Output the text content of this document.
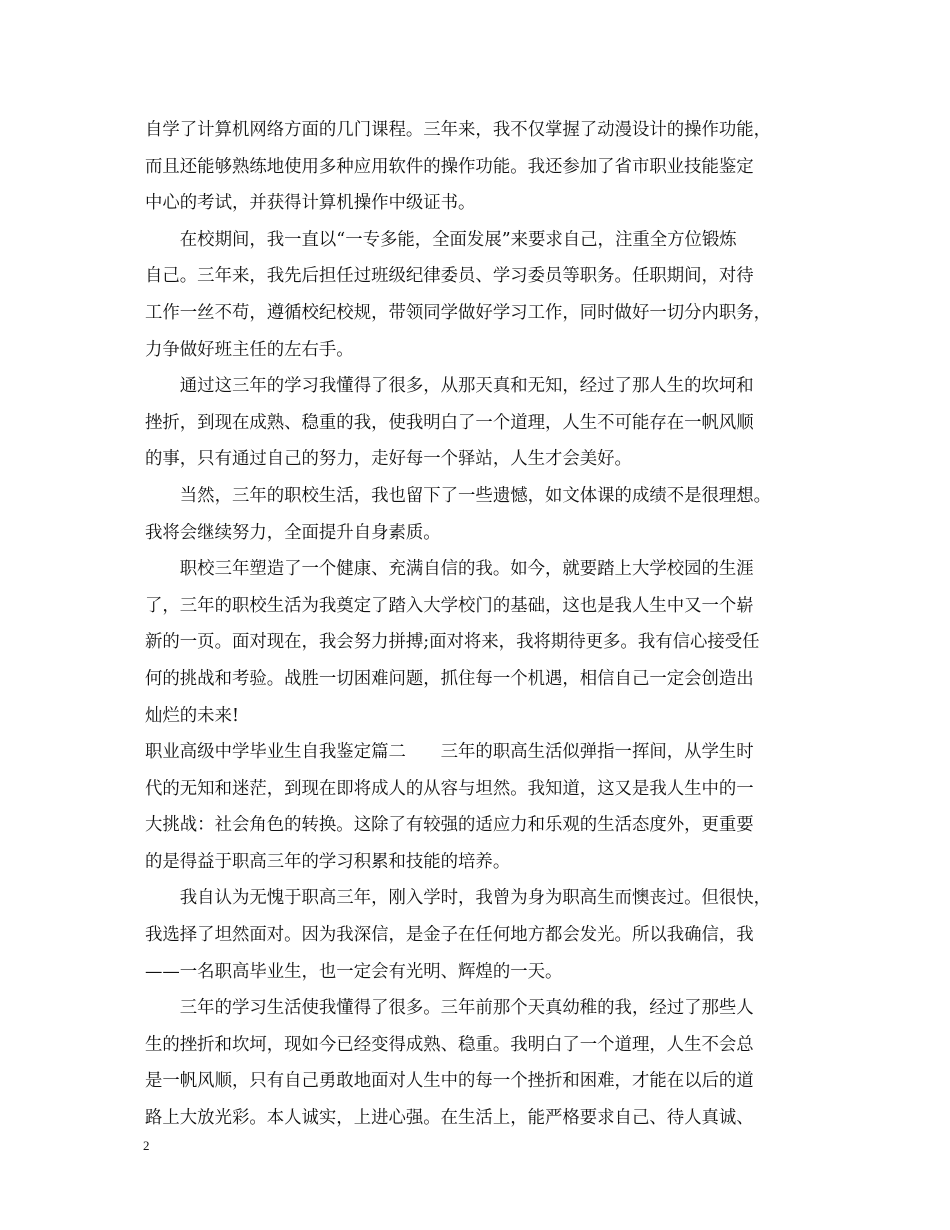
自学了计算机网络方面的几门课程。三年来，我不仅掌握了动漫设计的操作功能，
而且还能够熟练地使用多种应用软件的操作功能。我还参加了省市职业技能鉴定
中心的考试，并获得计算机操作中级证书。
　　在校期间，我一直以“一专多能，全面发展”来要求自己，注重全方位锻炼
自己。三年来，我先后担任过班级纪律委员、学习委员等职务。任职期间，对待
工作一丝不苟，遵循校纪校规，带领同学做好学习工作，同时做好一切分内职务，
力争做好班主任的左右手。
　　通过这三年的学习我懂得了很多，从那天真和无知，经过了那人生的坎坷和
挫折，到现在成熟、稳重的我，使我明白了一个道理，人生不可能存在一帆风顺
的事，只有通过自己的努力，走好每一个驿站，人生才会美好。
　　当然，三年的职校生活，我也留下了一些遗憾，如文体课的成绩不是很理想。
我将会继续努力，全面提升自身素质。
　　职校三年塑造了一个健康、充满自信的我。如今，就要踏上大学校园的生涯
了，三年的职校生活为我奠定了踏入大学校门的基础，这也是我人生中又一个崭
新的一页。面对现在，我会努力拼搏;面对将来，我将期待更多。我有信心接受任
何的挑战和考验。战胜一切困难问题，抓住每一个机遇，相信自己一定会创造出
灿烂的未来!
职业高级中学毕业生自我鉴定篇二　　三年的职高生活似弹指一挥间，从学生时
代的无知和迷茫，到现在即将成人的从容与坦然。我知道，这又是我人生中的一
大挑战：社会角色的转换。这除了有较强的适应力和乐观的生活态度外，更重要
的是得益于职高三年的学习积累和技能的培养。
　　我自认为无愧于职高三年，刚入学时，我曾为身为职高生而懊丧过。但很快，
我选择了坦然面对。因为我深信，是金子在任何地方都会发光。所以我确信，我
——一名职高毕业生，也一定会有光明、辉煌的一天。
　　三年的学习生活使我懂得了很多。三年前那个天真幼稚的我，经过了那些人
生的挫折和坎坷，现如今已经变得成熟、稳重。我明白了一个道理，人生不会总
是一帆风顺，只有自己勇敢地面对人生中的每一个挫折和困难，才能在以后的道
路上大放光彩。本人诚实，上进心强。在生活上，能严格要求自己、待人真诚、
2
